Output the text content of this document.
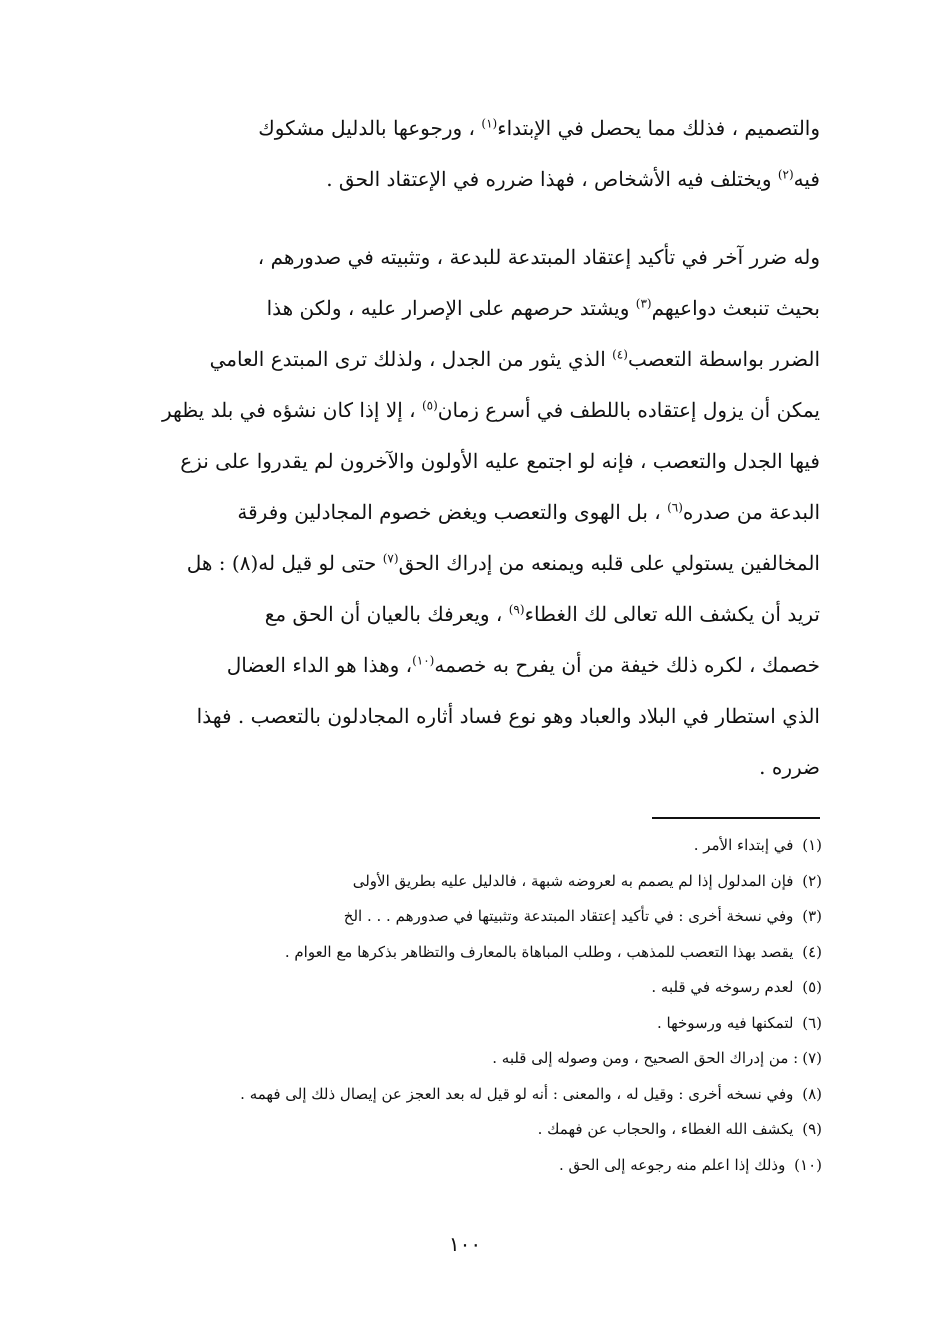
والتصميم ، فذلك مما يحصل في الإبتداء$^{(١)}$ ، ورجوعها بالدليل مشكوك
فيه$^{(٢)}$ ويختلف فيه الأشخاص ، فهذا ضرره في الإعتقاد الحق .
وله ضرر آخر في تأكيد إعتقاد المبتدعة للبدعة ، وتثبيته في صدورهم ،
بحيث تنبعث دواعيهم$^{(٣)}$ ويشتد حرصهم على الإصرار عليه ، ولكن هذا
الضرر بواسطة التعصب$^{(٤)}$ الذي يثور من الجدل ، ولذلك ترى المبتدع العامي
يمكن أن يزول إعتقاده باللطف في أسرع زمان$^{(٥)}$ ، إلا إذا كان نشؤه في بلد يظهر
فيها الجدل والتعصب ، فإنه لو اجتمع عليه الأولون والآخرون لم يقدروا على نزع
البدعة من صدره$^{(٦)}$ ، بل الهوى والتعصب ويغض خصوم المجادلين وفرقة
المخالفين يستولي على قلبه ويمنعه من إدراك الحق$^{(٧)}$ حتى لو قيل له(٨) : هل
تريد أن يكشف الله تعالى لك الغطاء$^{(٩)}$ ، ويعرفك بالعيان أن الحق مع
خصمك ، لكره ذلك خيفة من أن يفرح به خصمه$^{(١٠)}$، وهذا هو الداء العضال
الذي استطار في البلاد والعباد وهو نوع فساد أثاره المجادلون بالتعصب . فهذا
ضرره .
(١) في إبتداء الأمر .
(٢) فإن المدلول إذا لم يصمم به لعروضه شبهة ، فالدليل عليه بطريق الأولى
(٣) وفي نسخة أخرى : في تأكيد إعتقاد المبتدعة وتثبيتها في صدورهم . . . الخ
(٤) يقصد بهذا التعصب للمذهب ، وطلب المباهاة بالمعارف والتظاهر بذكرها مع العوام .
(٥) لعدم رسوخه في قلبه .
(٦) لتمكنها فيه ورسوخها .
(٧): من إدراك الحق الصحيح ، ومن وصوله إلى قلبه .
(٨) وفي نسخه أخرى : وقيل له ، والمعنى : أنه لو قيل له بعد العجز عن إيصال ذلك إلى فهمه .
(٩) يكشف الله الغطاء ، والحجاب عن فهمك .
(١٠) وذلك إذا اعلم منه رجوعه إلى الحق .
١٠٠
